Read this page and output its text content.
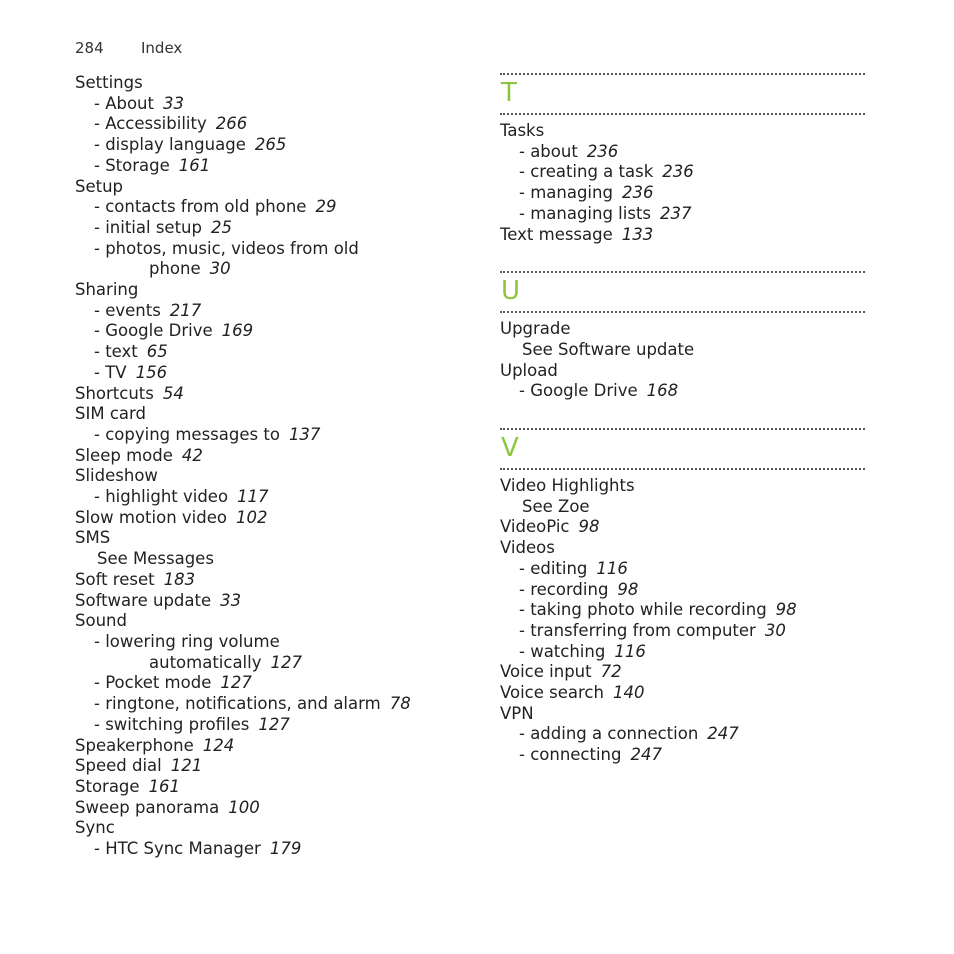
284 Index
Settings
- About 33
- Accessibility 266
- display language 265
- Storage 161
Setup
- contacts from old phone 29
- initial setup 25
- photos, music, videos from old
phone 30
Sharing
- events 217
- Google Drive 169
- text 65
- TV 156
Shortcuts 54
SIM card
- copying messages to 137
Sleep mode 42
Slideshow
- highlight video 117
Slow motion video 102
SMS
See Messages
Soft reset 183
Software update 33
Sound
- lowering ring volume
automatically 127
- Pocket mode 127
- ringtone, notifications, and alarm 78
- switching profiles 127
Speakerphone 124
Speed dial 121
Storage 161
Sweep panorama 100
Sync
- HTC Sync Manager 179
T
Tasks
- about 236
- creating a task 236
- managing 236
- managing lists 237
Text message 133
U
Upgrade
See Software update
Upload
- Google Drive 168
V
Video Highlights
See Zoe
VideoPic 98
Videos
- editing 116
- recording 98
- taking photo while recording 98
- transferring from computer 30
- watching 116
Voice input 72
Voice search 140
VPN
- adding a connection 247
- connecting 247
